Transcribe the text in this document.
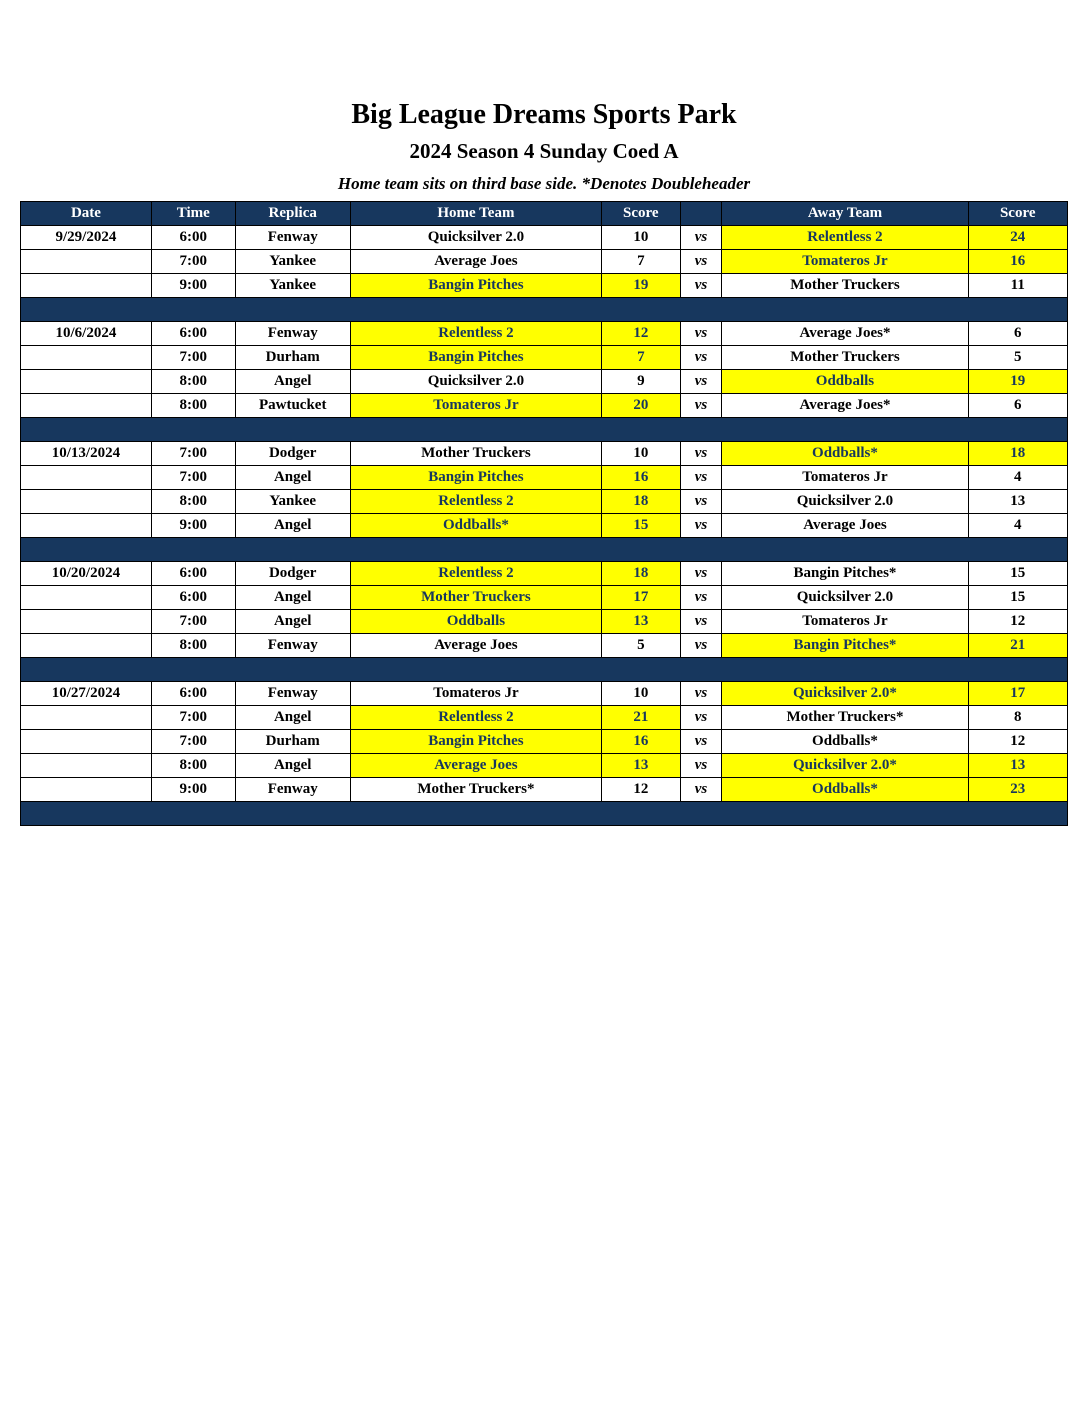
Big League Dreams Sports Park
2024 Season 4 Sunday Coed A
Home team sits on third base side. *Denotes Doubleheader
Date	Time	Replica	Home Team	Score		Away Team	Score
9/29/2024	6:00	Fenway	Quicksilver 2.0	10	vs	Relentless 2	24
	7:00	Yankee	Average Joes	7	vs	Tomateros Jr	16
	9:00	Yankee	Bangin Pitches	19	vs	Mother Truckers	11

10/6/2024	6:00	Fenway	Relentless 2	12	vs	Average Joes*	6
	7:00	Durham	Bangin Pitches	7	vs	Mother Truckers	5
	8:00	Angel	Quicksilver 2.0	9	vs	Oddballs	19
	8:00	Pawtucket	Tomateros Jr	20	vs	Average Joes*	6

10/13/2024	7:00	Dodger	Mother Truckers	10	vs	Oddballs*	18
	7:00	Angel	Bangin Pitches	16	vs	Tomateros Jr	4
	8:00	Yankee	Relentless 2	18	vs	Quicksilver 2.0	13
	9:00	Angel	Oddballs*	15	vs	Average Joes	4

10/20/2024	6:00	Dodger	Relentless 2	18	vs	Bangin Pitches*	15
	6:00	Angel	Mother Truckers	17	vs	Quicksilver 2.0	15
	7:00	Angel	Oddballs	13	vs	Tomateros Jr	12
	8:00	Fenway	Average Joes	5	vs	Bangin Pitches*	21

10/27/2024	6:00	Fenway	Tomateros Jr	10	vs	Quicksilver 2.0*	17
	7:00	Angel	Relentless 2	21	vs	Mother Truckers*	8
	7:00	Durham	Bangin Pitches	16	vs	Oddballs*	12
	8:00	Angel	Average Joes	13	vs	Quicksilver 2.0*	13
	9:00	Fenway	Mother Truckers*	12	vs	Oddballs*	23
